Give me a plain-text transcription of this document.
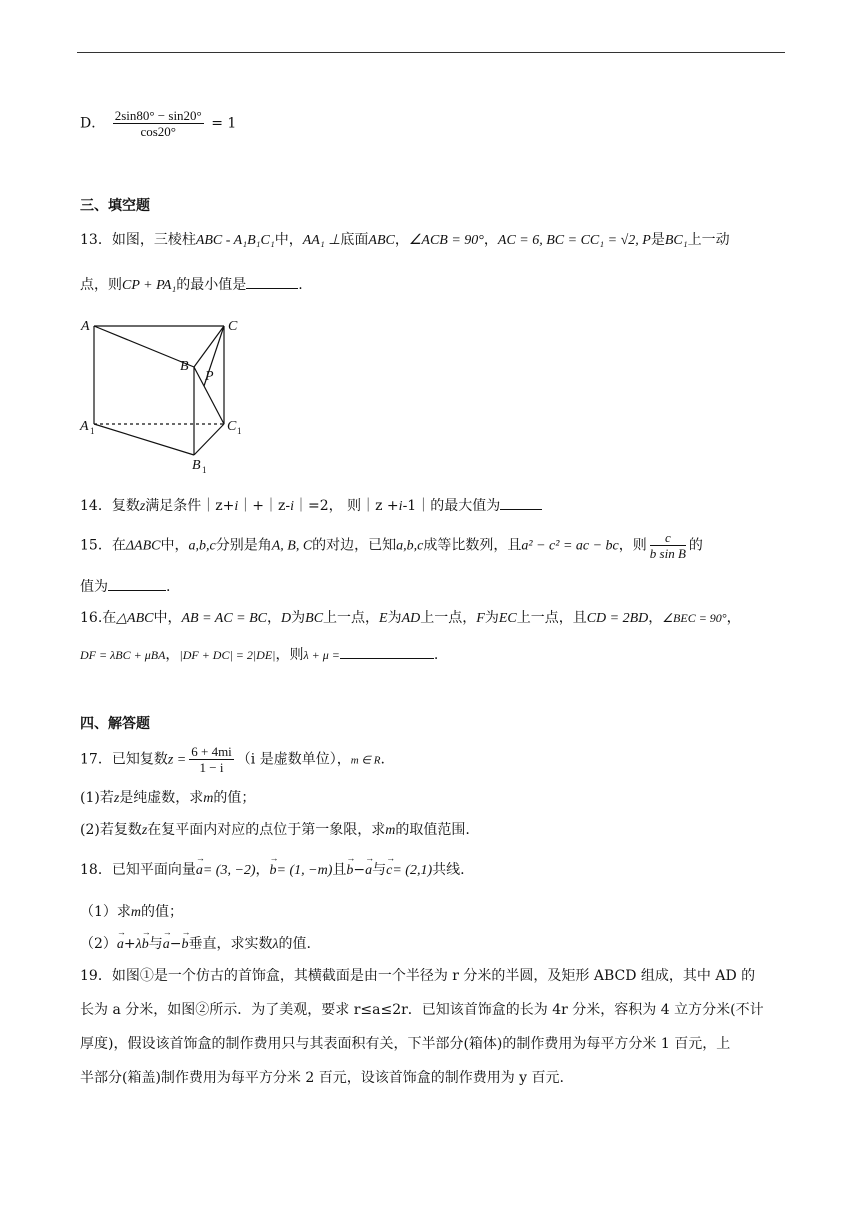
D． $\frac{2\sin 80^\circ - \sin 20^\circ}{\cos 20^\circ} = 1$
三、填空题
13．如图，三棱柱ABC - A₁B₁C₁中，AA₁ ⊥底面ABC，∠ACB = 90°，AC = 6, BC = CC₁ = √2, P是BC₁上一动
点，则CP + PA₁的最小值是	.
A	C
B
P
A 1	C 1
B 1
14．复数z满足条件｜z+i｜+｜z-i｜=2， 则｜z +i-1｜的最大值为
15．在ΔABC中，a,b,c分别是角A, B, C的对边，已知a,b,c成等比数列，且a² − c² = ac − bc，则 $\frac{c}{\text{b sin B}}$ 的
值为	.
16.在△ABC中，AB = AC = BC，D为BC上一点，E为AD上一点，F为EC上一点，且CD = 2BD，∠BEC = 90°，
DF = λBC + μBA，|DF + DC| = 2|DE|，则λ + μ =	.
四、解答题
17．已知复数$z = \frac{6 + 4mi}{1 - i} (i$ 是虚数单位），m ∈ R.
(1)若z是纯虚数，求m的值；
(2)若复数z在复平面内对应的点位于第一象限，求m的取值范围.
18．已知平面向量→ a= (3, −2)，→ b= (1, −m)且→ b−→ a与→ c= (2,1)共线.
（1）求m的值；
（2）→ a+λ→ b与→ a−→ b垂直，求实数λ的值.
19．如图①是一个仿古的首饰盒，其横截面是由一个半径为 r 分米的半圆，及矩形 ABCD 组成，其中 AD 的
长为 a 分米，如图②所示．为了美观，要求 r≤a≤2r．已知该首饰盒的长为 4r 分米，容积为 4 立方分米(不计
厚度)，假设该首饰盒的制作费用只与其表面积有关，下半部分(箱体)的制作费用为每平方分米 1 百元，上
半部分(箱盖)制作费用为每平方分米 2 百元，设该首饰盒的制作费用为 y 百元.
